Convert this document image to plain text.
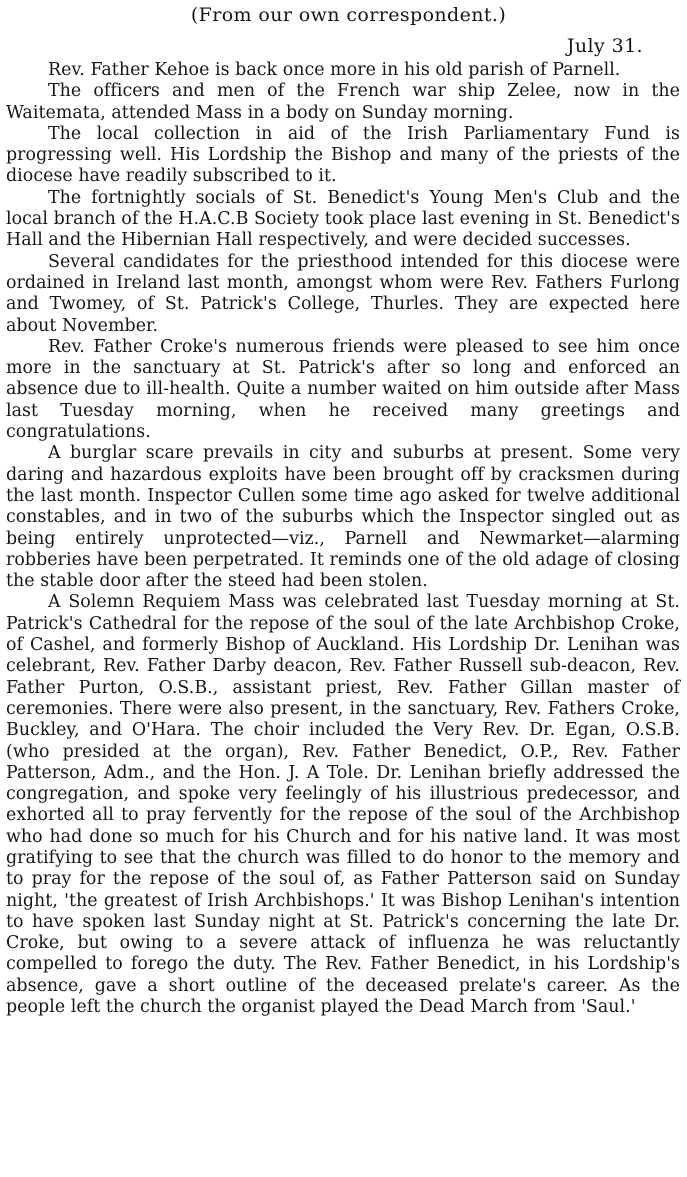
(From our own correspondent.)
July 31.

Rev. Father Kehoe is back once more in his old parish of Parnell.

The officers and men of the French war ship Zelee, now in the Waitemata, attended Mass in a body on Sunday morning.

The local collection in aid of the Irish Parliamentary Fund is progressing well. His Lordship the Bishop and many of the priests of the diocese have readily subscribed to it.

The fortnightly socials of St. Benedict's Young Men's Club and the local branch of the H.A.C.B Society took place last evening in St. Benedict's Hall and the Hibernian Hall respectively, and were decided successes.

Several candidates for the priesthood intended for this diocese were ordained in Ireland last month, amongst whom were Rev. Fathers Furlong and Twomey, of St. Patrick's College, Thurles. They are expected here about November.

Rev. Father Croke's numerous friends were pleased to see him once more in the sanctuary at St. Patrick's after so long and enforced an absence due to ill-health. Quite a number waited on him outside after Mass last Tuesday morning, when he received many greetings and congratulations.

A burglar scare prevails in city and suburbs at present. Some very daring and hazardous exploits have been brought off by cracksmen during the last month. Inspector Cullen some time ago asked for twelve additional constables, and in two of the suburbs which the Inspector singled out as being entirely unprotected—viz., Parnell and Newmarket—alarming robberies have been perpetrated. It reminds one of the old adage of closing the stable door after the steed had been stolen.

A Solemn Requiem Mass was celebrated last Tuesday morning at St. Patrick's Cathedral for the repose of the soul of the late Archbishop Croke, of Cashel, and formerly Bishop of Auckland. His Lordship Dr. Lenihan was celebrant, Rev. Father Darby deacon, Rev. Father Russell sub-deacon, Rev. Father Purton, O.S.B., assistant priest, Rev. Father Gillan master of ceremonies. There were also present, in the sanctuary, Rev. Fathers Croke, Buckley, and O'Hara. The choir included the Very Rev. Dr. Egan, O.S.B. (who presided at the organ), Rev. Father Benedict, O.P., Rev. Father Patterson, Adm., and the Hon. J. A Tole. Dr. Lenihan briefly addressed the congregation, and spoke very feelingly of his illustrious predecessor, and exhorted all to pray fervently for the repose of the soul of the Archbishop who had done so much for his Church and for his native land. It was most gratifying to see that the church was filled to do honor to the memory and to pray for the repose of the soul of, as Father Patterson said on Sunday night, 'the greatest of Irish Archbishops.' It was Bishop Lenihan's intention to have spoken last Sunday night at St. Patrick's concerning the late Dr. Croke, but owing to a severe attack of influenza he was reluctantly compelled to forego the duty. The Rev. Father Benedict, in his Lordship's absence, gave a short outline of the deceased prelate's career. As the people left the church the organist played the Dead March from 'Saul.'
